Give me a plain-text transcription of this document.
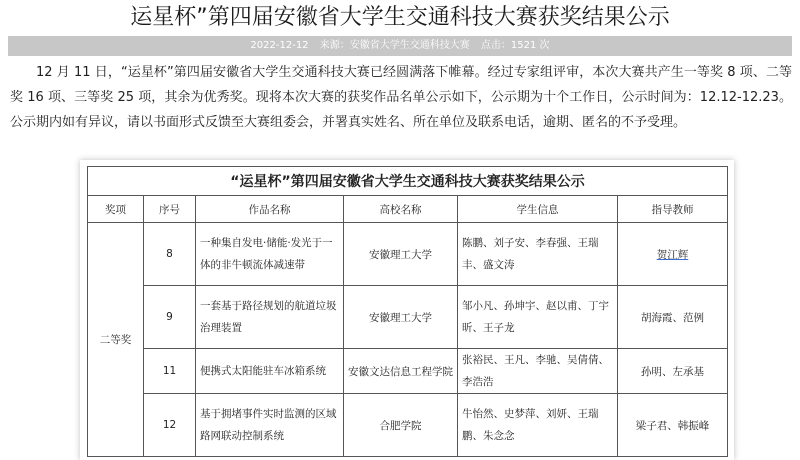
运星杯”第四届安徽省大学生交通科技大赛获奖结果公示
2022-12-12 来源：安徽省大学生交通科技大赛 点击：1521 次
12 月 11 日，“运星杯”第四届安徽省大学生交通科技大赛已经圆满落下帷幕。经过专家组评审，本次大赛共产生一等奖 8 项、二等奖 16 项、三等奖 25 项，其余为优秀奖。现将本次大赛的获奖作品名单公示如下，公示期为十个工作日，公示时间为：12.12-12.23。公示期内如有异议，请以书面形式反馈至大赛组委会，并署真实姓名、所在单位及联系电话，逾期、匿名的不予受理。
“运星杯”第四届安徽省大学生交通科技大赛获奖结果公示					
奖项	序号	作品名称	高校名称	学生信息	指导教师
二等奖	8	一种集自发电·储能·发光于一体的非牛顿流体减速带	安徽理工大学	陈鹏、刘子安、李春强、王瑞丰、盛文涛	贺江辉
	9	一套基于路径规划的航道垃圾治理装置	安徽理工大学	邹小凡、孙坤宇、赵以甫、丁宇昕、王子龙	胡海霞、范例
	11	便携式太阳能驻车冰箱系统	安徽文达信息工程学院	张裕民、王凡、李驰、吴倩倩、李浩浩	孙明、左承基
	12	基于拥堵事件实时监测的区域路网联动控制系统	合肥学院	牛怡然、史梦萍、刘妍、王瑞鹏、朱念念	梁子君、韩振峰
